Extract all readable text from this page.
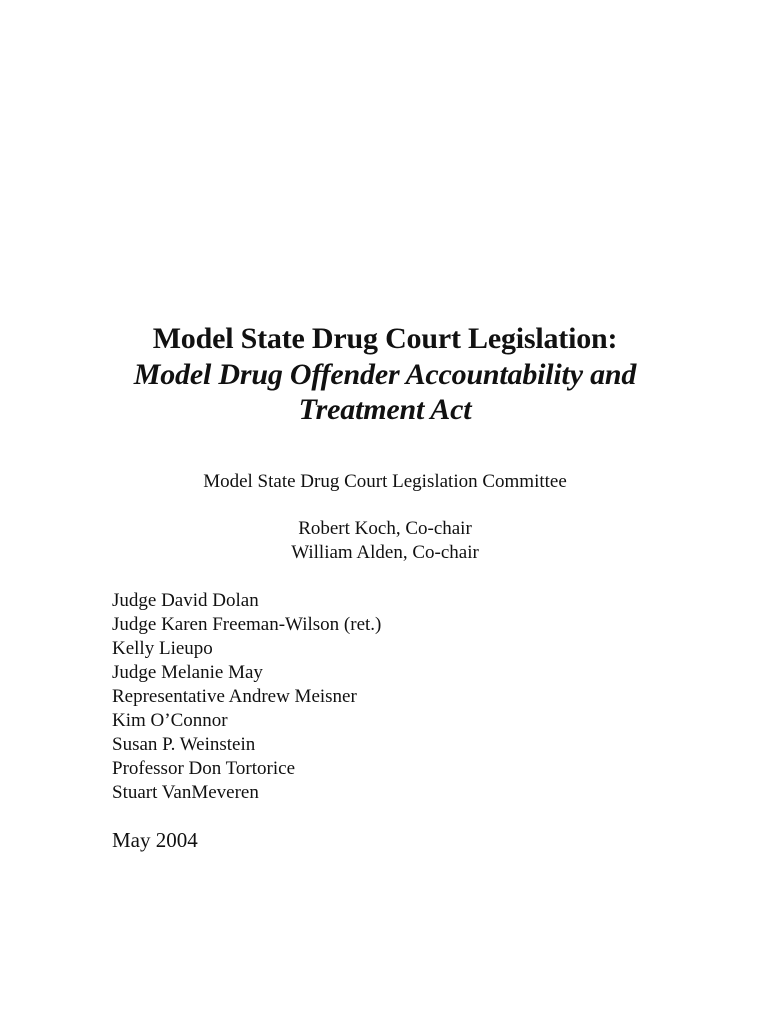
Model State Drug Court Legislation:
Model Drug Offender Accountability and
Treatment Act
Model State Drug Court Legislation Committee
Robert Koch, Co-chair
William Alden, Co-chair
Judge David Dolan
Judge Karen Freeman-Wilson (ret.)
Kelly Lieupo
Judge Melanie May
Representative Andrew Meisner
Kim O’Connor
Susan P. Weinstein
Professor Don Tortorice
Stuart VanMeveren
May 2004
